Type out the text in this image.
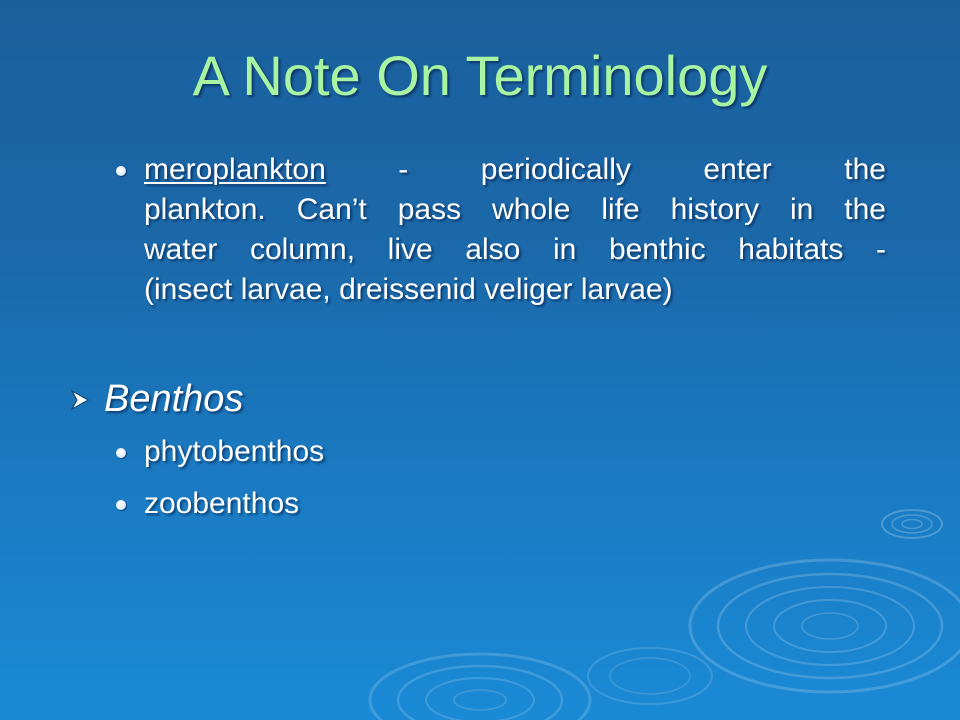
A Note On Terminology
meroplankton - periodically enter the
plankton. Can’t pass whole life history in the
water column, live also in benthic habitats -
(insect larvae, dreissenid veliger larvae)
Benthos
phytobenthos
zoobenthos
